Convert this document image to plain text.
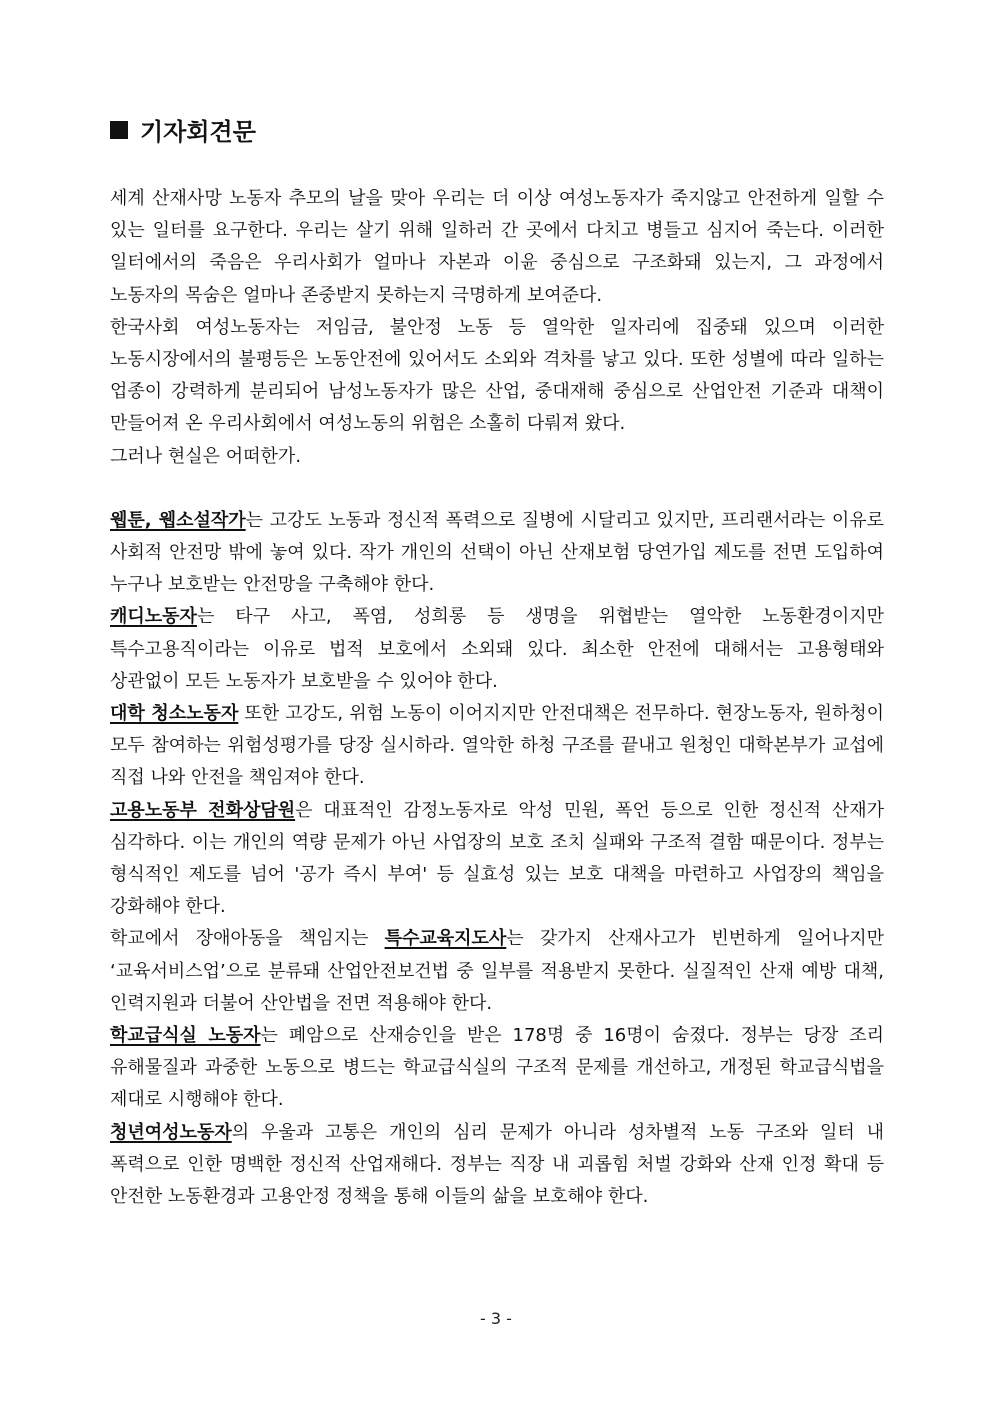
기자회견문

세계 산재사망 노동자 추모의 날을 맞아 우리는 더 이상 여성노동자가 죽지않고 안전하게 일할 수 있는 일터를 요구한다. 우리는 살기 위해 일하러 간 곳에서 다치고 병들고 심지어 죽는다. 이러한 일터에서의 죽음은 우리사회가 얼마나 자본과 이윤 중심으로 구조화돼 있는지, 그 과정에서 노동자의 목숨은 얼마나 존중받지 못하는지 극명하게 보여준다.

한국사회 여성노동자는 저임금, 불안정 노동 등 열악한 일자리에 집중돼 있으며 이러한 노동시장에서의 불평등은 노동안전에 있어서도 소외와 격차를 낳고 있다. 또한 성별에 따라 일하는 업종이 강력하게 분리되어 남성노동자가 많은 산업, 중대재해 중심으로 산업안전 기준과 대책이 만들어져 온 우리사회에서 여성노동의 위험은 소홀히 다뤄져 왔다.

그러나 현실은 어떠한가.

웹툰, 웹소설작가는 고강도 노동과 정신적 폭력으로 질병에 시달리고 있지만, 프리랜서라는 이유로 사회적 안전망 밖에 놓여 있다. 작가 개인의 선택이 아닌 산재보험 당연가입 제도를 전면 도입하여 누구나 보호받는 안전망을 구축해야 한다.

캐디노동자는 타구 사고, 폭염, 성희롱 등 생명을 위협받는 열악한 노동환경이지만 특수고용직이라는 이유로 법적 보호에서 소외돼 있다. 최소한 안전에 대해서는 고용형태와 상관없이 모든 노동자가 보호받을 수 있어야 한다.

대학 청소노동자 또한 고강도, 위험 노동이 이어지지만 안전대책은 전무하다. 현장노동자, 원하청이 모두 참여하는 위험성평가를 당장 실시하라. 열악한 하청 구조를 끝내고 원청인 대학본부가 교섭에 직접 나와 안전을 책임져야 한다.

고용노동부 전화상담원은 대표적인 감정노동자로 악성 민원, 폭언 등으로 인한 정신적 산재가 심각하다. 이는 개인의 역량 문제가 아닌 사업장의 보호 조치 실패와 구조적 결함 때문이다. 정부는 형식적인 제도를 넘어 '공가 즉시 부여' 등 실효성 있는 보호 대책을 마련하고 사업장의 책임을 강화해야 한다.

학교에서 장애아동을 책임지는 특수교육지도사는 갖가지 산재사고가 빈번하게 일어나지만 ‘교육서비스업’으로 분류돼 산업안전보건법 중 일부를 적용받지 못한다. 실질적인 산재 예방 대책, 인력지원과 더불어 산안법을 전면 적용해야 한다.

학교급식실 노동자는 폐암으로 산재승인을 받은 178명 중 16명이 숨졌다. 정부는 당장 조리 유해물질과 과중한 노동으로 병드는 학교급식실의 구조적 문제를 개선하고, 개정된 학교급식법을 제대로 시행해야 한다.

청년여성노동자의 우울과 고통은 개인의 심리 문제가 아니라 성차별적 노동 구조와 일터 내 폭력으로 인한 명백한 정신적 산업재해다. 정부는 직장 내 괴롭힘 처벌 강화와 산재 인정 확대 등 안전한 노동환경과 고용안정 정책을 통해 이들의 삶을 보호해야 한다.

- 3 -
